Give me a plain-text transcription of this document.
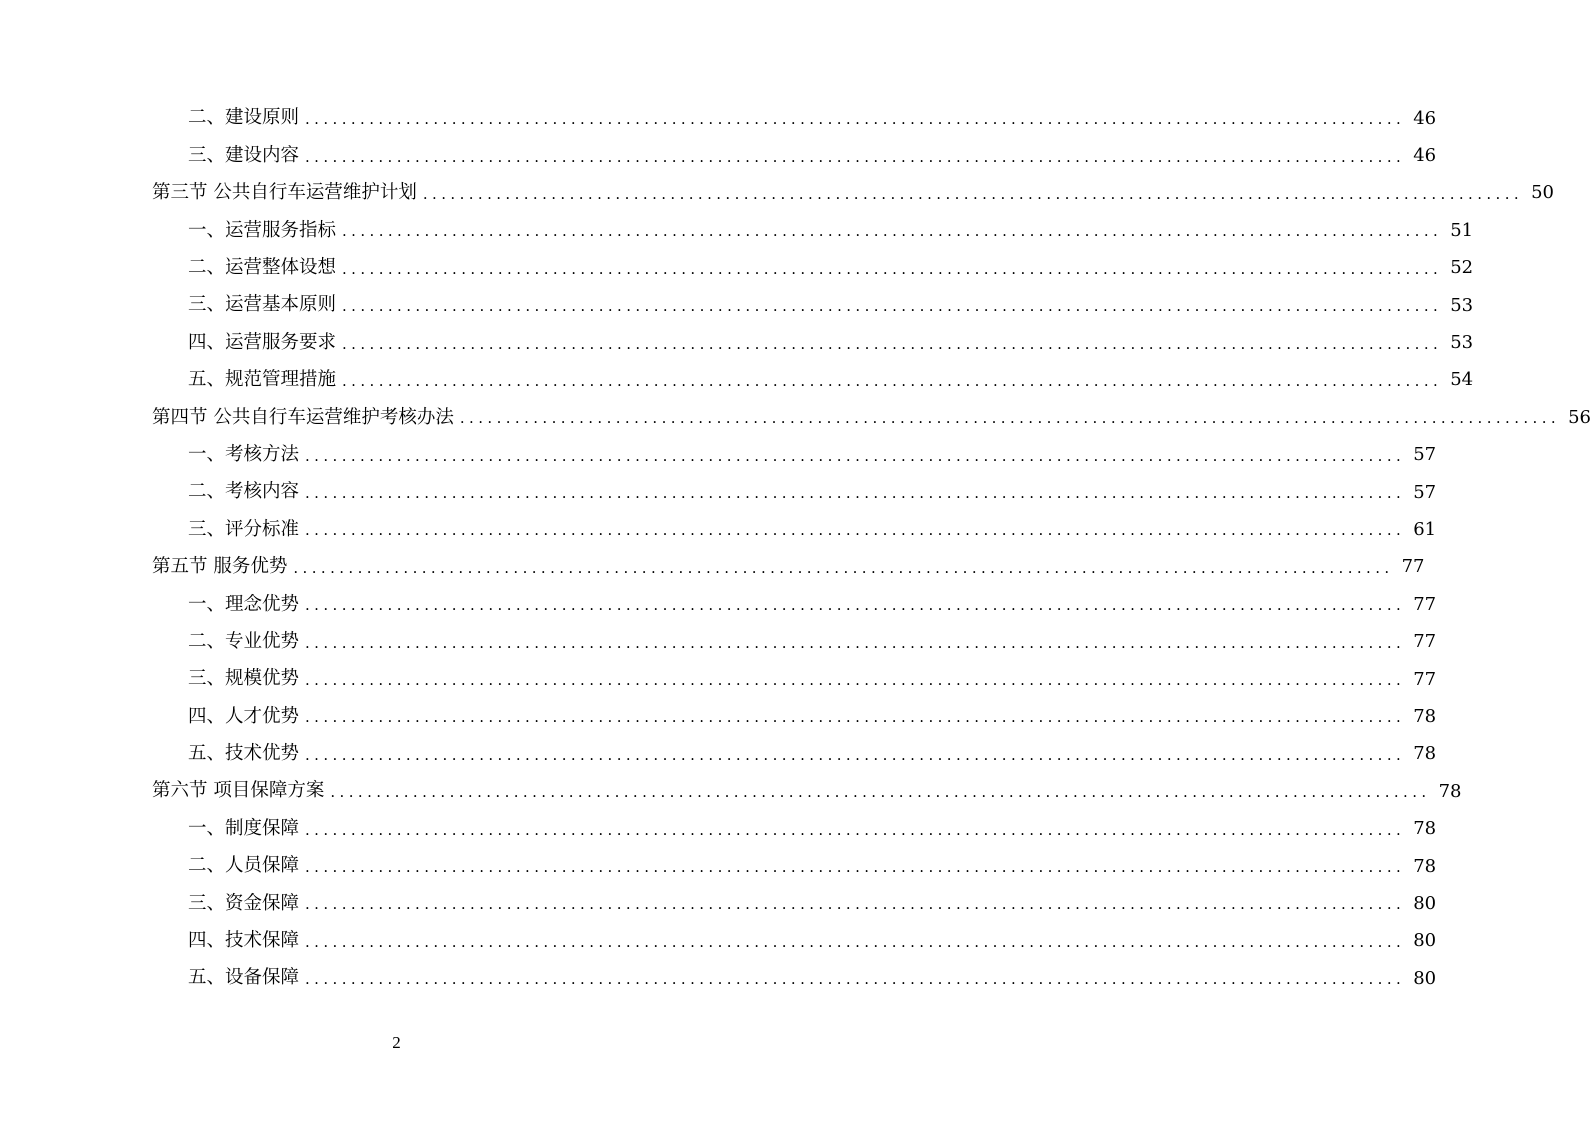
二、建设原则 ........................................................................................................................ 46
三、建设内容 ........................................................................................................................ 46
第三节 公共自行车运营维护计划 ........................................................................................................................ 50
一、运营服务指标 ........................................................................................................................ 51
二、运营整体设想 ........................................................................................................................ 52
三、运营基本原则 ........................................................................................................................ 53
四、运营服务要求 ........................................................................................................................ 53
五、规范管理措施 ........................................................................................................................ 54
第四节 公共自行车运营维护考核办法 ........................................................................................................................ 56
一、考核方法 ........................................................................................................................ 57
二、考核内容 ........................................................................................................................ 57
三、评分标准 ........................................................................................................................ 61
第五节 服务优势 ........................................................................................................................ 77
一、理念优势 ........................................................................................................................ 77
二、专业优势 ........................................................................................................................ 77
三、规模优势 ........................................................................................................................ 77
四、人才优势 ........................................................................................................................ 78
五、技术优势 ........................................................................................................................ 78
第六节 项目保障方案 ........................................................................................................................ 78
一、制度保障 ........................................................................................................................ 78
二、人员保障 ........................................................................................................................ 78
三、资金保障 ........................................................................................................................ 80
四、技术保障 ........................................................................................................................ 80
五、设备保障 ........................................................................................................................ 80
2
